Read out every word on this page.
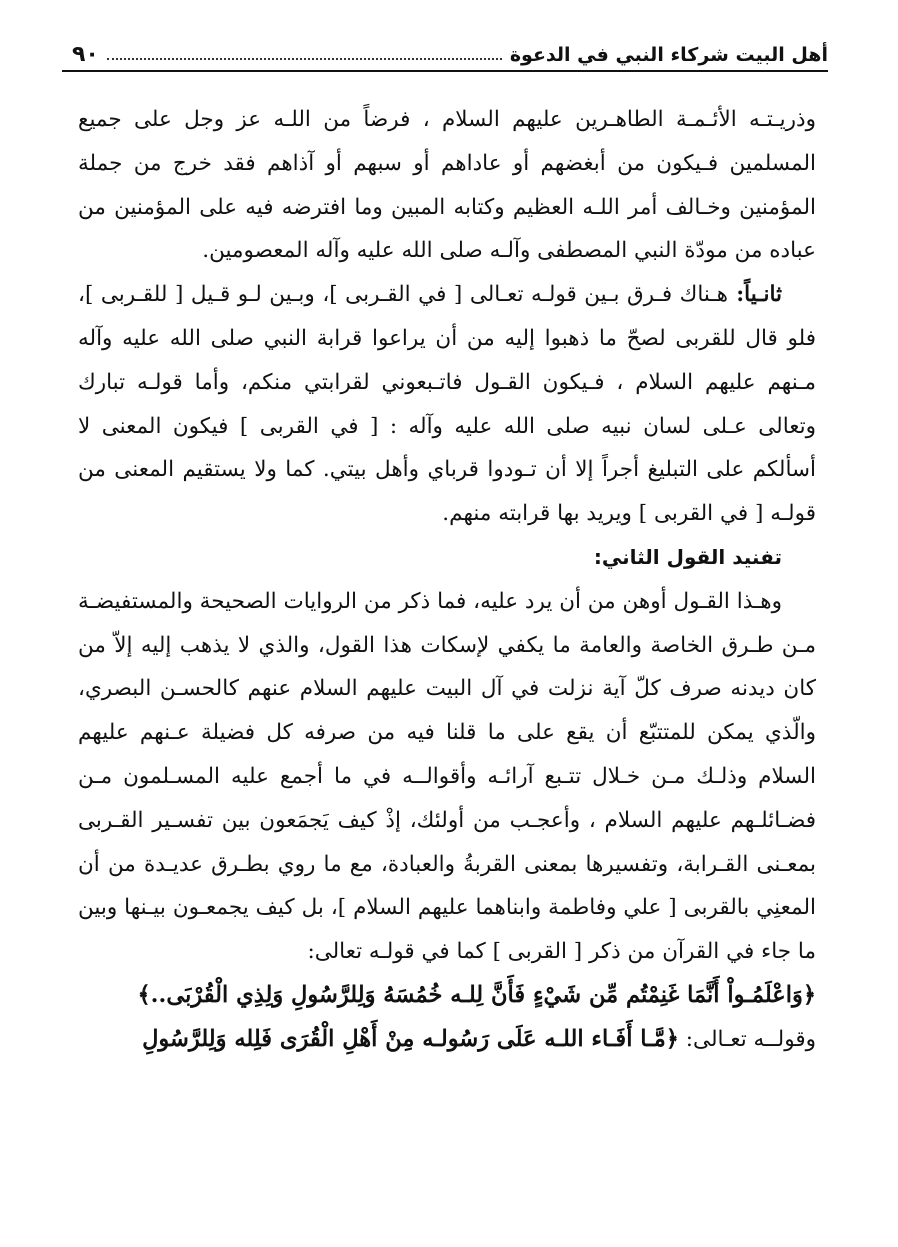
أهل البيت شركاء النبي في الدعوة
٩٠

وذريـتـه الأئـمـة الطاهـرين عليهم السلام ، فرضاً من اللـه عز وجل على جميع المسلمين فـيكون من أبغضهم أو عاداهم أو سبهم أو آذاهم فقد خرج من جملة المؤمنين وخـالف أمر اللـه العظيم وكتابه المبين وما افترضه فيه على المؤمنين من عباده من مودّة النبي المصطفى وآلـه صلى الله عليه وآله المعصومين.

ثانـياً: هـناك فـرق بـين قولـه تعـالى [ في القـربى ]، وبـين لـو قـيل [ للقـربى ]، فلو قال للقربى لصحّ ما ذهبوا إليه من أن يراعوا قرابة النبي صلى الله عليه وآله مـنهم عليهم السلام ، فـيكون القـول فاتـبعوني لقرابتي منكم، وأما قولـه تبارك وتعالى عـلى لسان نبيه صلى الله عليه وآله : [ في القربى ] فيكون المعنى لا أسألكم على التبليغ أجراً إلا أن تـودوا قرباي وأهل بيتي. كما ولا يستقيم المعنى من قولـه [ في القربى ] ويريد بها قرابته منهم.

تفنيد القول الثاني:

وهـذا القـول أوهن من أن يرد عليه، فما ذكر من الروايات الصحيحة والمستفيضـة مـن طـرق الخاصة والعامة ما يكفي لإسكات هذا القول، والذي لا يذهب إليه إلاّ من كان ديدنه صرف كلّ آية نزلت في آل البيت عليهم السلام عنهم كالحسـن البصري، والّذي يمكن للمتتبّع أن يقع على ما قلنا فيه من صرفه كل فضيلة عـنهم عليهم السلام وذلـك مـن خـلال تتـبع آرائـه وأقوالــه في ما أجمع عليه المسـلمون مـن فضـائلـهم عليهم السلام ، وأعجـب من أولئك، إذْ كيف يَجمَعون بين تفسـير القـربى بمعـنى القـرابة، وتفسيرها بمعنى القربةُ والعبادة، مع ما روي بطـرق عديـدة من أن المعنِي بالقربى [ علي وفاطمة وابناهما عليهم السلام ]، بل كيف يجمعـون بيـنها وبين ما جاء في القرآن من ذكر [ القربى ] كما في قولـه تعالى:

﴿وَاعْلَمُـواْ أَنَّمَا غَنِمْتُم مِّن شَيْءٍ فَأَنَّ لِلـه خُمُسَهُ وَلِلرَّسُولِ وَلِذِي الْقُرْبَى..﴾

وقولــه تعـالى: ﴿مَّـا أَفَـاء اللـه عَلَى رَسُولـه مِنْ أَهْلِ الْقُرَى فَلِله وَلِلرَّسُولِ
